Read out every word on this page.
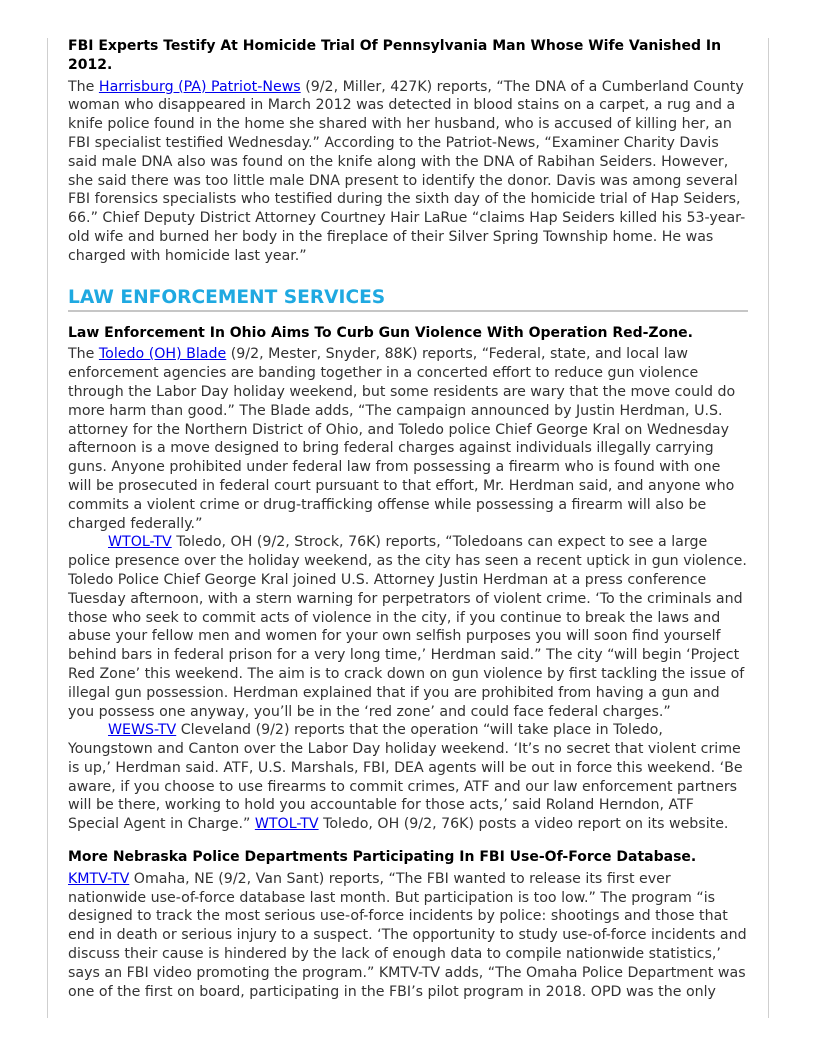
FBI Experts Testify At Homicide Trial Of Pennsylvania Man Whose Wife Vanished In 2012.

The Harrisburg (PA) Patriot-News (9/2, Miller, 427K) reports, “The DNA of a Cumberland County woman who disappeared in March 2012 was detected in blood stains on a carpet, a rug and a knife police found in the home she shared with her husband, who is accused of killing her, an FBI specialist testified Wednesday.” According to the Patriot-News, “Examiner Charity Davis said male DNA also was found on the knife along with the DNA of Rabihan Seiders. However, she said there was too little male DNA present to identify the donor. Davis was among several FBI forensics specialists who testified during the sixth day of the homicide trial of Hap Seiders, 66.” Chief Deputy District Attorney Courtney Hair LaRue “claims Hap Seiders killed his 53-year-old wife and burned her body in the fireplace of their Silver Spring Township home. He was charged with homicide last year.”

LAW ENFORCEMENT SERVICES
Law Enforcement In Ohio Aims To Curb Gun Violence With Operation Red-Zone.

The Toledo (OH) Blade (9/2, Mester, Snyder, 88K) reports, “Federal, state, and local law enforcement agencies are banding together in a concerted effort to reduce gun violence through the Labor Day holiday weekend, but some residents are wary that the move could do more harm than good.” The Blade adds, “The campaign announced by Justin Herdman, U.S. attorney for the Northern District of Ohio, and Toledo police Chief George Kral on Wednesday afternoon is a move designed to bring federal charges against individuals illegally carrying guns. Anyone prohibited under federal law from possessing a firearm who is found with one will be prosecuted in federal court pursuant to that effort, Mr. Herdman said, and anyone who commits a violent crime or drug-trafficking offense while possessing a firearm will also be charged federally.”

WTOL-TV Toledo, OH (9/2, Strock, 76K) reports, “Toledoans can expect to see a large police presence over the holiday weekend, as the city has seen a recent uptick in gun violence. Toledo Police Chief George Kral joined U.S. Attorney Justin Herdman at a press conference Tuesday afternoon, with a stern warning for perpetrators of violent crime. ‘To the criminals and those who seek to commit acts of violence in the city, if you continue to break the laws and abuse your fellow men and women for your own selfish purposes you will soon find yourself behind bars in federal prison for a very long time,’ Herdman said.” The city “will begin ‘Project Red Zone’ this weekend. The aim is to crack down on gun violence by first tackling the issue of illegal gun possession. Herdman explained that if you are prohibited from having a gun and you possess one anyway, you’ll be in the ‘red zone’ and could face federal charges.”

WEWS-TV Cleveland (9/2) reports that the operation “will take place in Toledo, Youngstown and Canton over the Labor Day holiday weekend. ‘It’s no secret that violent crime is up,’ Herdman said. ATF, U.S. Marshals, FBI, DEA agents will be out in force this weekend. ‘Be aware, if you choose to use firearms to commit crimes, ATF and our law enforcement partners will be there, working to hold you accountable for those acts,’ said Roland Herndon, ATF Special Agent in Charge.” WTOL-TV Toledo, OH (9/2, 76K) posts a video report on its website.

More Nebraska Police Departments Participating In FBI Use-Of-Force Database.

KMTV-TV Omaha, NE (9/2, Van Sant) reports, “The FBI wanted to release its first ever nationwide use-of-force database last month. But participation is too low.” The program “is designed to track the most serious use-of-force incidents by police: shootings and those that end in death or serious injury to a suspect. ‘The opportunity to study use-of-force incidents and discuss their cause is hindered by the lack of enough data to compile nationwide statistics,’ says an FBI video promoting the program.” KMTV-TV adds, “The Omaha Police Department was one of the first on board, participating in the FBI’s pilot program in 2018. OPD was the only
